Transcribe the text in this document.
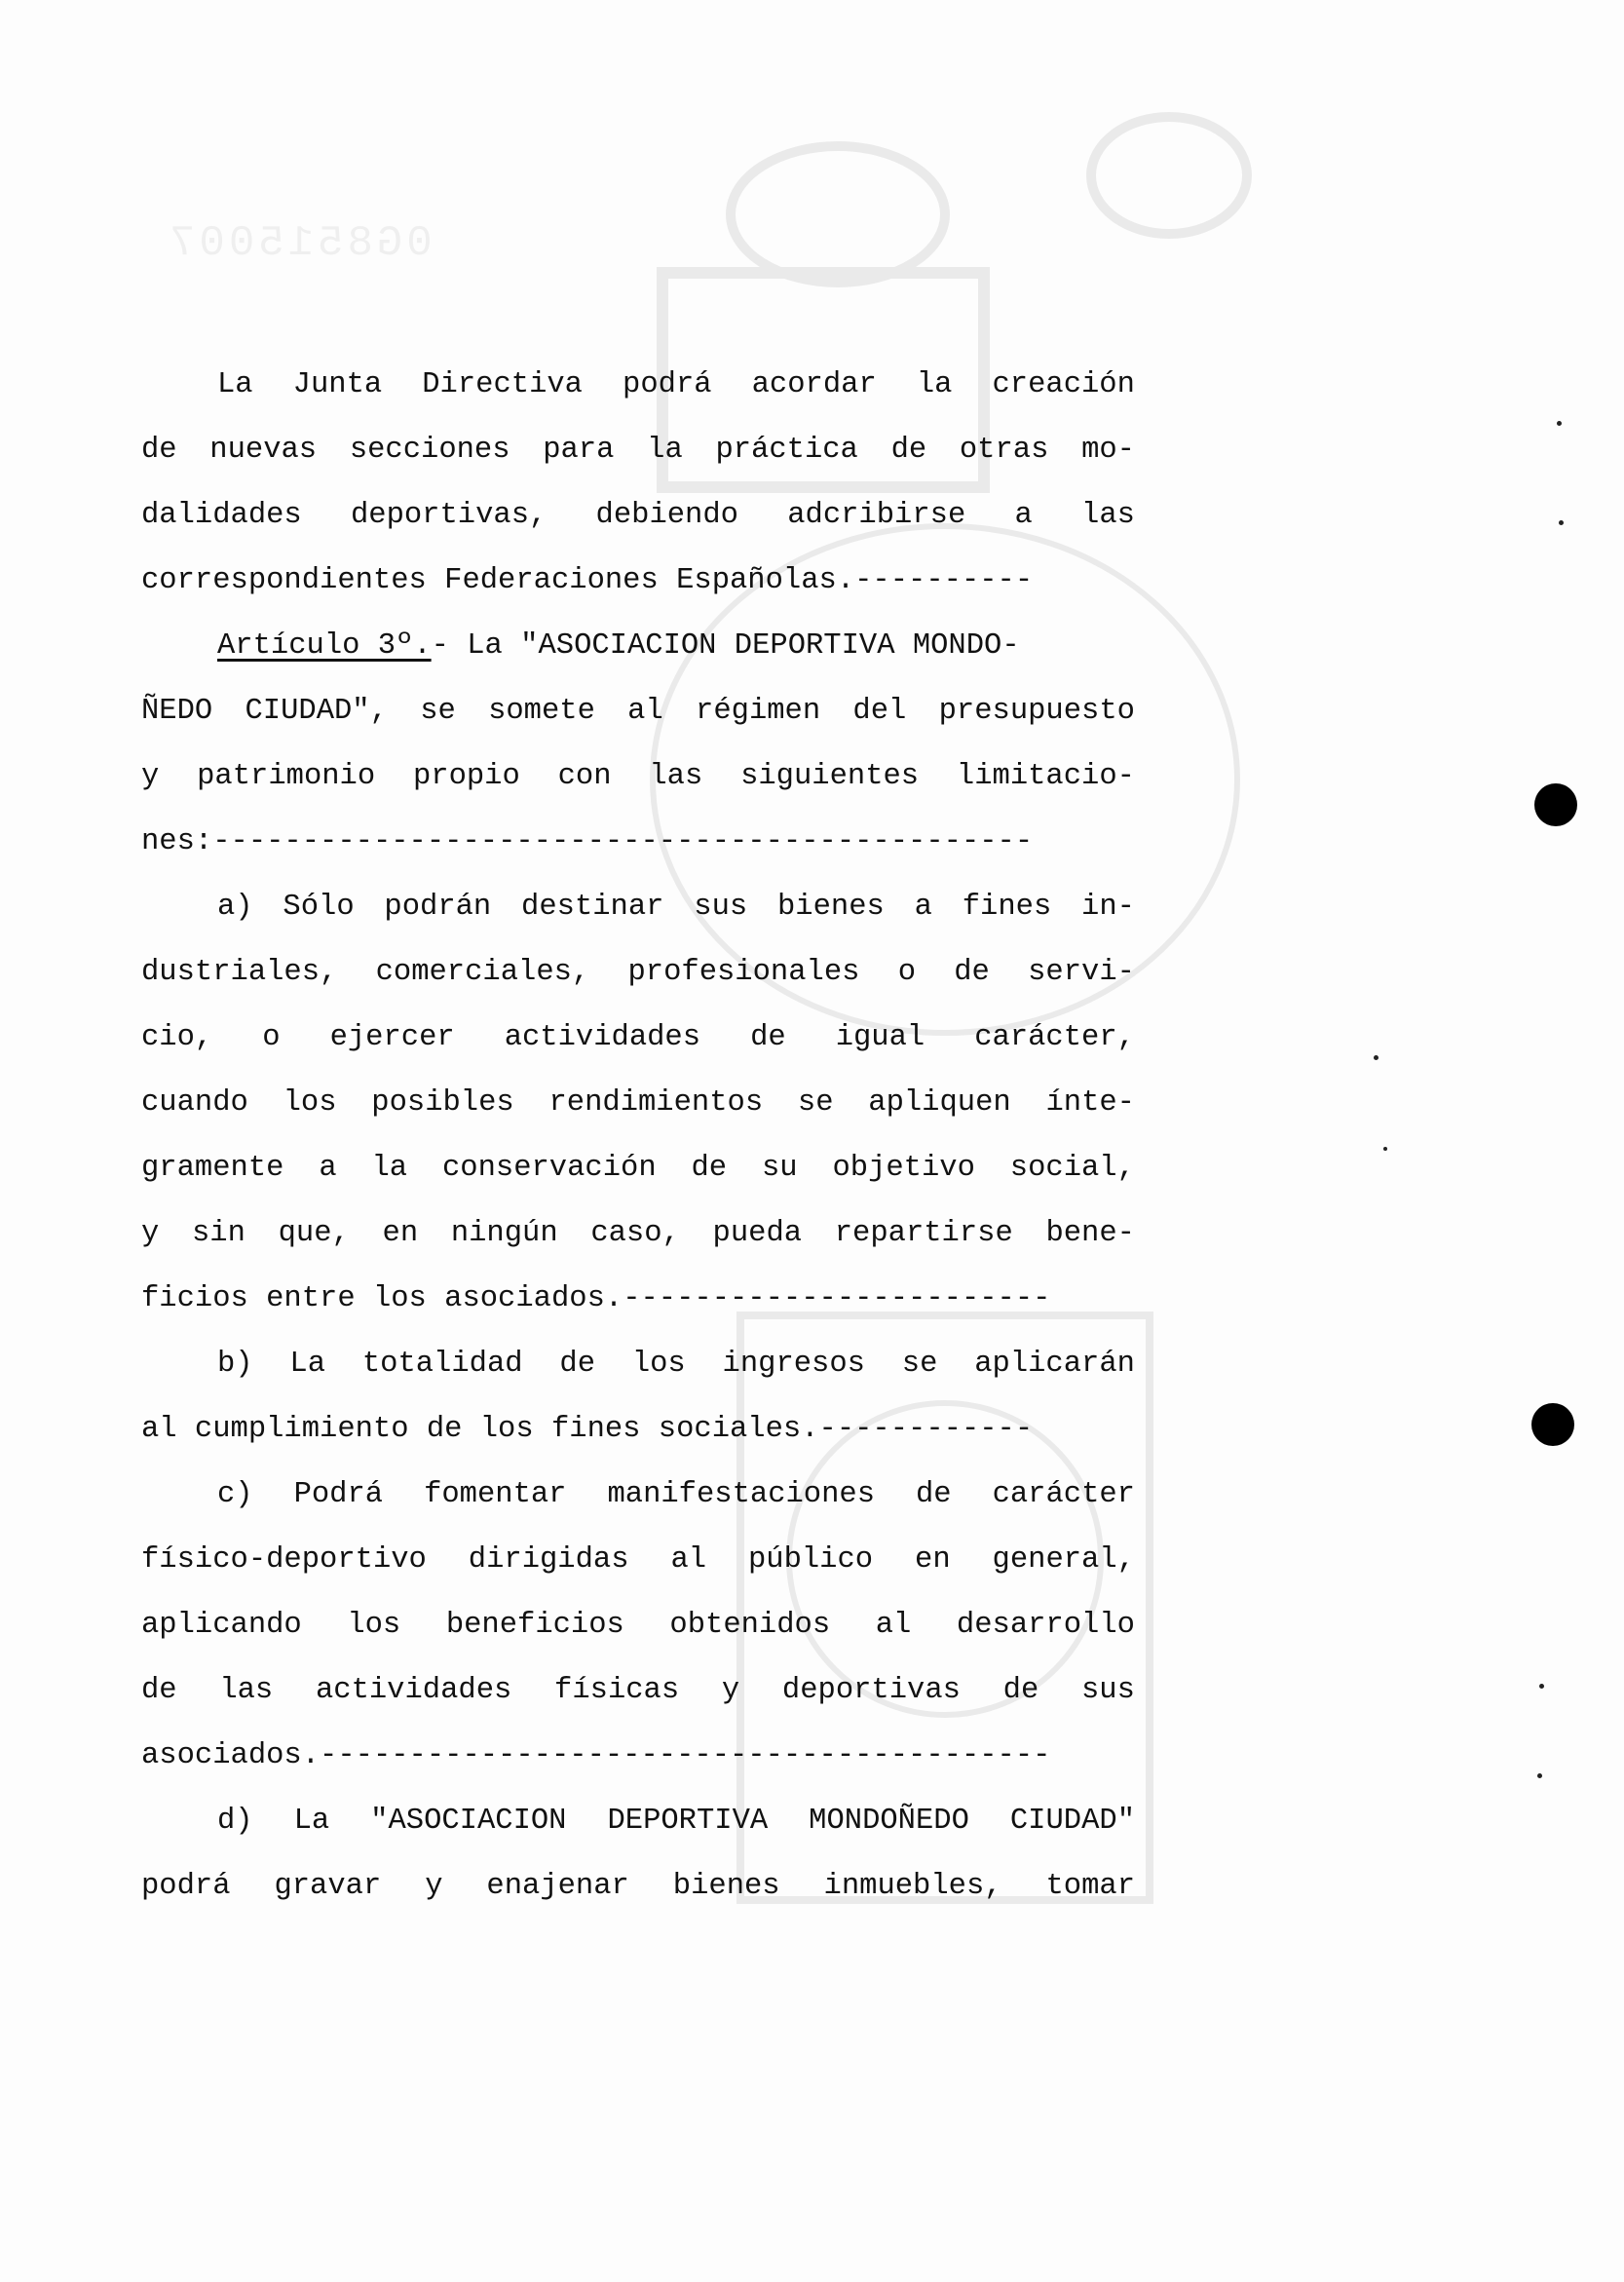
0G8515007
La Junta Directiva podrá acordar la creación
de nuevas secciones para la práctica de otras mo-
dalidades deportivas, debiendo adcribirse a las
correspondientes Federaciones Españolas. ----------
Artículo 3º.- La "ASOCIACION DEPORTIVA MONDO-
ÑEDO CIUDAD", se somete al régimen del presupuesto
y patrimonio propio con las siguientes limitacio-
nes: ----------------------------------------------
a) Sólo podrán destinar sus bienes a fines in-
dustriales, comerciales, profesionales o de servi-
cio, o ejercer actividades de igual carácter,
cuando los posibles rendimientos se apliquen ínte-
gramente a la conservación de su objetivo social,
y sin que, en ningún caso, pueda repartirse bene-
ficios entre los asociados. ------------------------
b) La totalidad de los ingresos se aplicarán
al cumplimiento de los fines sociales. ------------
c) Podrá fomentar manifestaciones de carácter
físico-deportivo dirigidas al público en general,
aplicando los beneficios obtenidos al desarrollo
de las actividades físicas y deportivas de sus
asociados. -----------------------------------------
d) La "ASOCIACION DEPORTIVA MONDOÑEDO CIUDAD"
podrá gravar y enajenar bienes inmuebles, tomar
